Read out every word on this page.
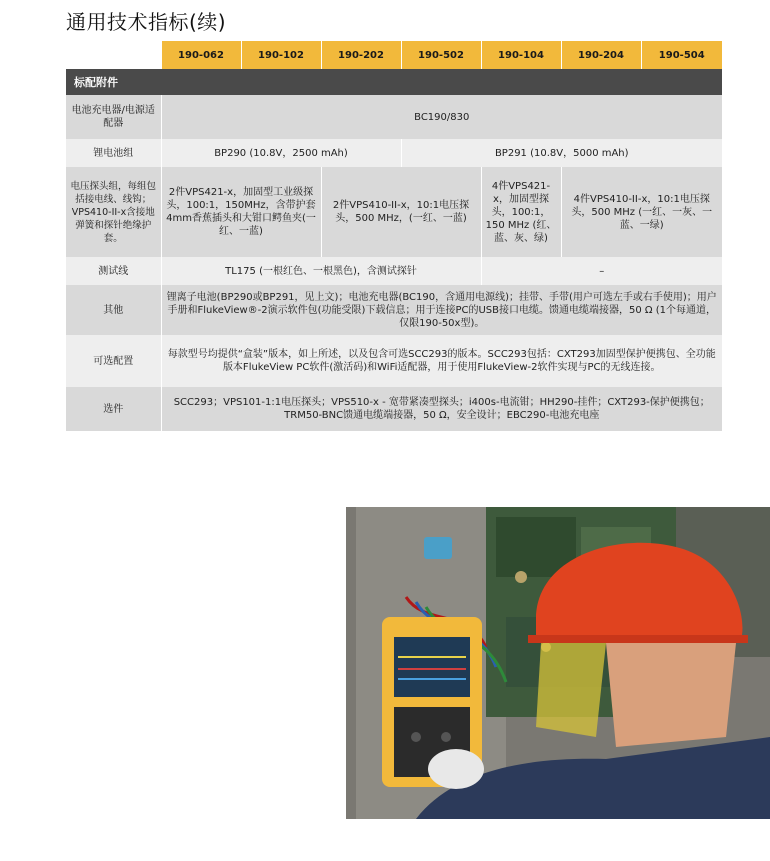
通用技术指标(续)
	190-062	190-102	190-202	190-502	190-104	190-204	190-504
标配附件							
电池充电器/电源适配器	BC190/830						
锂电池组	BP290 (10.8V，2500 mAh)			BP291 (10.8V，5000 mAh)			
电压探头组，每组包括接电线、线钩；VPS410-II-x含接地弹簧和探针绝缘护套。	2件VPS421-x，加固型工业级探头，100:1，150MHz，含带护套4mm香蕉插头和大钳口鳄鱼夹(一红、一蓝)		2件VPS410-II-x，10:1电压探头，500 MHz，(一红、一蓝)		4件VPS421-x，加固型探头，100:1，150 MHz (红、蓝、灰、绿)	4件VPS410-II-x，10:1电压探头，500 MHz (一红、一灰、一蓝、一绿)	
测试线	TL175 (一根红色、一根黑色)，含测试探针				–		
其他	锂离子电池(BP290或BP291，见上文)；电池充电器(BC190，含通用电源线)；挂带、手带(用户可选左手或右手使用)；用户手册和FlukeView®-2演示软件包(功能受限)下载信息；用于连接PC的USB接口电缆。馈通电缆端接器，50 Ω (1个每通道，仅限190-50x型)。						
可选配置	每款型号均提供“盒装”版本，如上所述，以及包含可选SCC293的版本。SCC293包括：CXT293加固型保护便携包、全功能版本FlukeView PC软件(激活码)和WiFi适配器，用于使用FlukeView-2软件实现与PC的无线连接。						
选件	SCC293；VPS101-1:1电压探头；VPS510-x - 宽带紧凑型探头；i400s-电流钳；HH290-挂件；CXT293-保护便携包；TRM50-BNC馈通电缆端接器，50 Ω，安全设计；EBC290-电池充电座						
